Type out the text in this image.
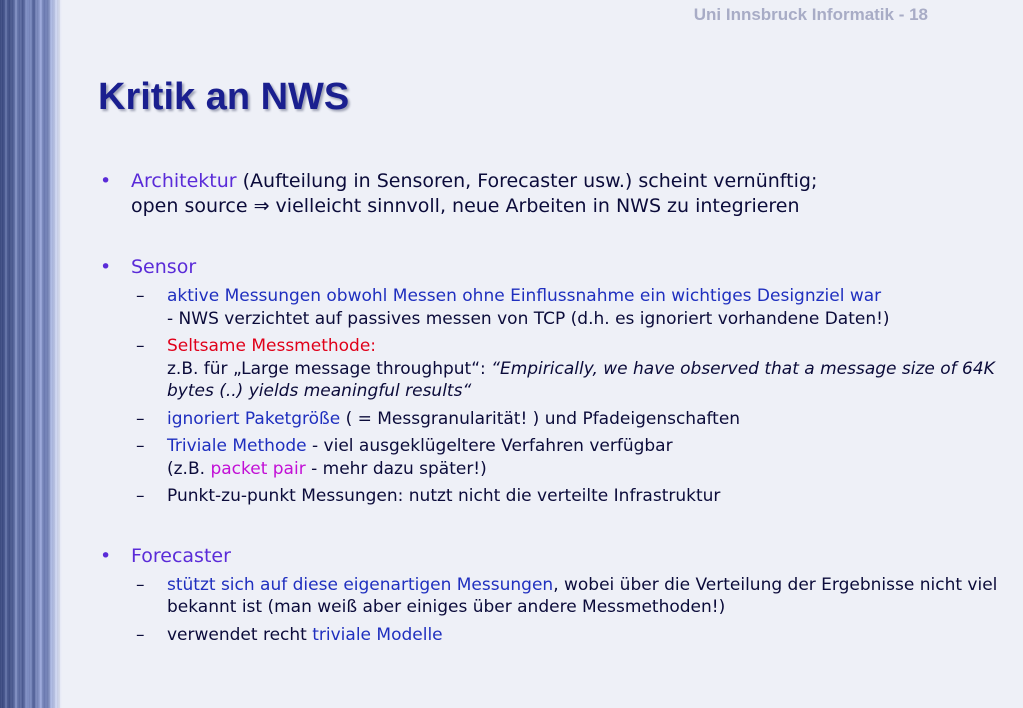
Uni Innsbruck Informatik - 18
Kritik an NWS
•	Architektur (Aufteilung in Sensoren, Forecaster usw.) scheint vernünftig;
open source ⇒ vielleicht sinnvoll, neue Arbeiten in NWS zu integrieren
•	Sensor
–	aktive Messungen obwohl Messen ohne Einflussnahme ein wichtiges Designziel war
- NWS verzichtet auf passives messen von TCP (d.h. es ignoriert vorhandene Daten!)
–	Seltsame Messmethode:
z.B. für „Large message throughput“: “Empirically, we have observed that a message size of 64K bytes (..) yields meaningful results“
–	ignoriert Paketgröße ( = Messgranularität! ) und Pfadeigenschaften
–	Triviale Methode - viel ausgeklügeltere Verfahren verfügbar
(z.B. packet pair - mehr dazu später!)
–	Punkt-zu-punkt Messungen: nutzt nicht die verteilte Infrastruktur
•	Forecaster
–	stützt sich auf diese eigenartigen Messungen, wobei über die Verteilung der Ergebnisse nicht viel bekannt ist (man weiß aber einiges über andere Messmethoden!)
–	verwendet recht triviale Modelle
